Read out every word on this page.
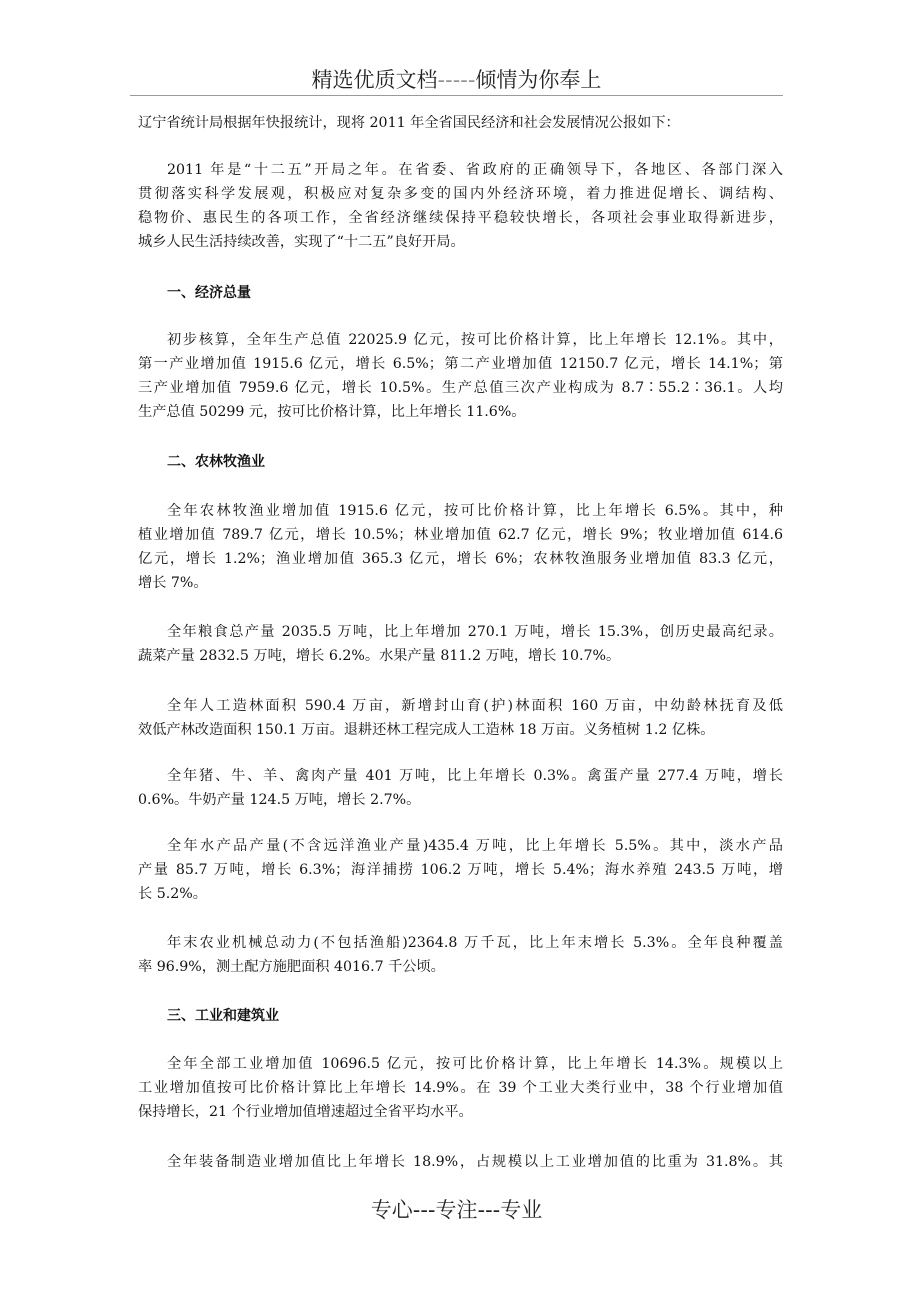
精选优质文档-----倾情为你奉上
辽宁省统计局根据年快报统计，现将 2011 年全省国民经济和社会发展情况公报如下：
2011 年是“十二五”开局之年。在省委、省政府的正确领导下，各地区、各部门深入
贯彻落实科学发展观，积极应对复杂多变的国内外经济环境，着力推进促增长、调结构、
稳物价、惠民生的各项工作，全省经济继续保持平稳较快增长，各项社会事业取得新进步，
城乡人民生活持续改善，实现了“十二五”良好开局。
一、经济总量
初步核算，全年生产总值 22025.9 亿元，按可比价格计算，比上年增长 12.1%。其中，
第一产业增加值 1915.6 亿元，增长 6.5%；第二产业增加值 12150.7 亿元，增长 14.1%；第
三产业增加值 7959.6 亿元，增长 10.5%。生产总值三次产业构成为 8.7∶55.2∶36.1。人均
生产总值 50299 元，按可比价格计算，比上年增长 11.6%。
二、农林牧渔业
全年农林牧渔业增加值 1915.6 亿元，按可比价格计算，比上年增长 6.5%。其中，种
植业增加值 789.7 亿元，增长 10.5%；林业增加值 62.7 亿元，增长 9%；牧业增加值 614.6
亿元，增长 1.2%；渔业增加值 365.3 亿元，增长 6%；农林牧渔服务业增加值 83.3 亿元，
增长 7%。
全年粮食总产量 2035.5 万吨，比上年增加 270.1 万吨，增长 15.3%，创历史最高纪录。
蔬菜产量 2832.5 万吨，增长 6.2%。水果产量 811.2 万吨，增长 10.7%。
全年人工造林面积 590.4 万亩，新增封山育(护)林面积 160 万亩，中幼龄林抚育及低
效低产林改造面积 150.1 万亩。退耕还林工程完成人工造林 18 万亩。义务植树 1.2 亿株。
全年猪、牛、羊、禽肉产量 401 万吨，比上年增长 0.3%。禽蛋产量 277.4 万吨，增长
0.6%。牛奶产量 124.5 万吨，增长 2.7%。
全年水产品产量(不含远洋渔业产量)435.4 万吨，比上年增长 5.5%。其中，淡水产品
产量 85.7 万吨，增长 6.3%；海洋捕捞 106.2 万吨，增长 5.4%；海水养殖 243.5 万吨，增
长 5.2%。
年末农业机械总动力(不包括渔船)2364.8 万千瓦，比上年末增长 5.3%。全年良种覆盖
率 96.9%，测土配方施肥面积 4016.7 千公顷。
三、工业和建筑业
全年全部工业增加值 10696.5 亿元，按可比价格计算，比上年增长 14.3%。规模以上
工业增加值按可比价格计算比上年增长 14.9%。在 39 个工业大类行业中，38 个行业增加值
保持增长，21 个行业增加值增速超过全省平均水平。
全年装备制造业增加值比上年增长 18.9%，占规模以上工业增加值的比重为 31.8%。其
专心---专注---专业
